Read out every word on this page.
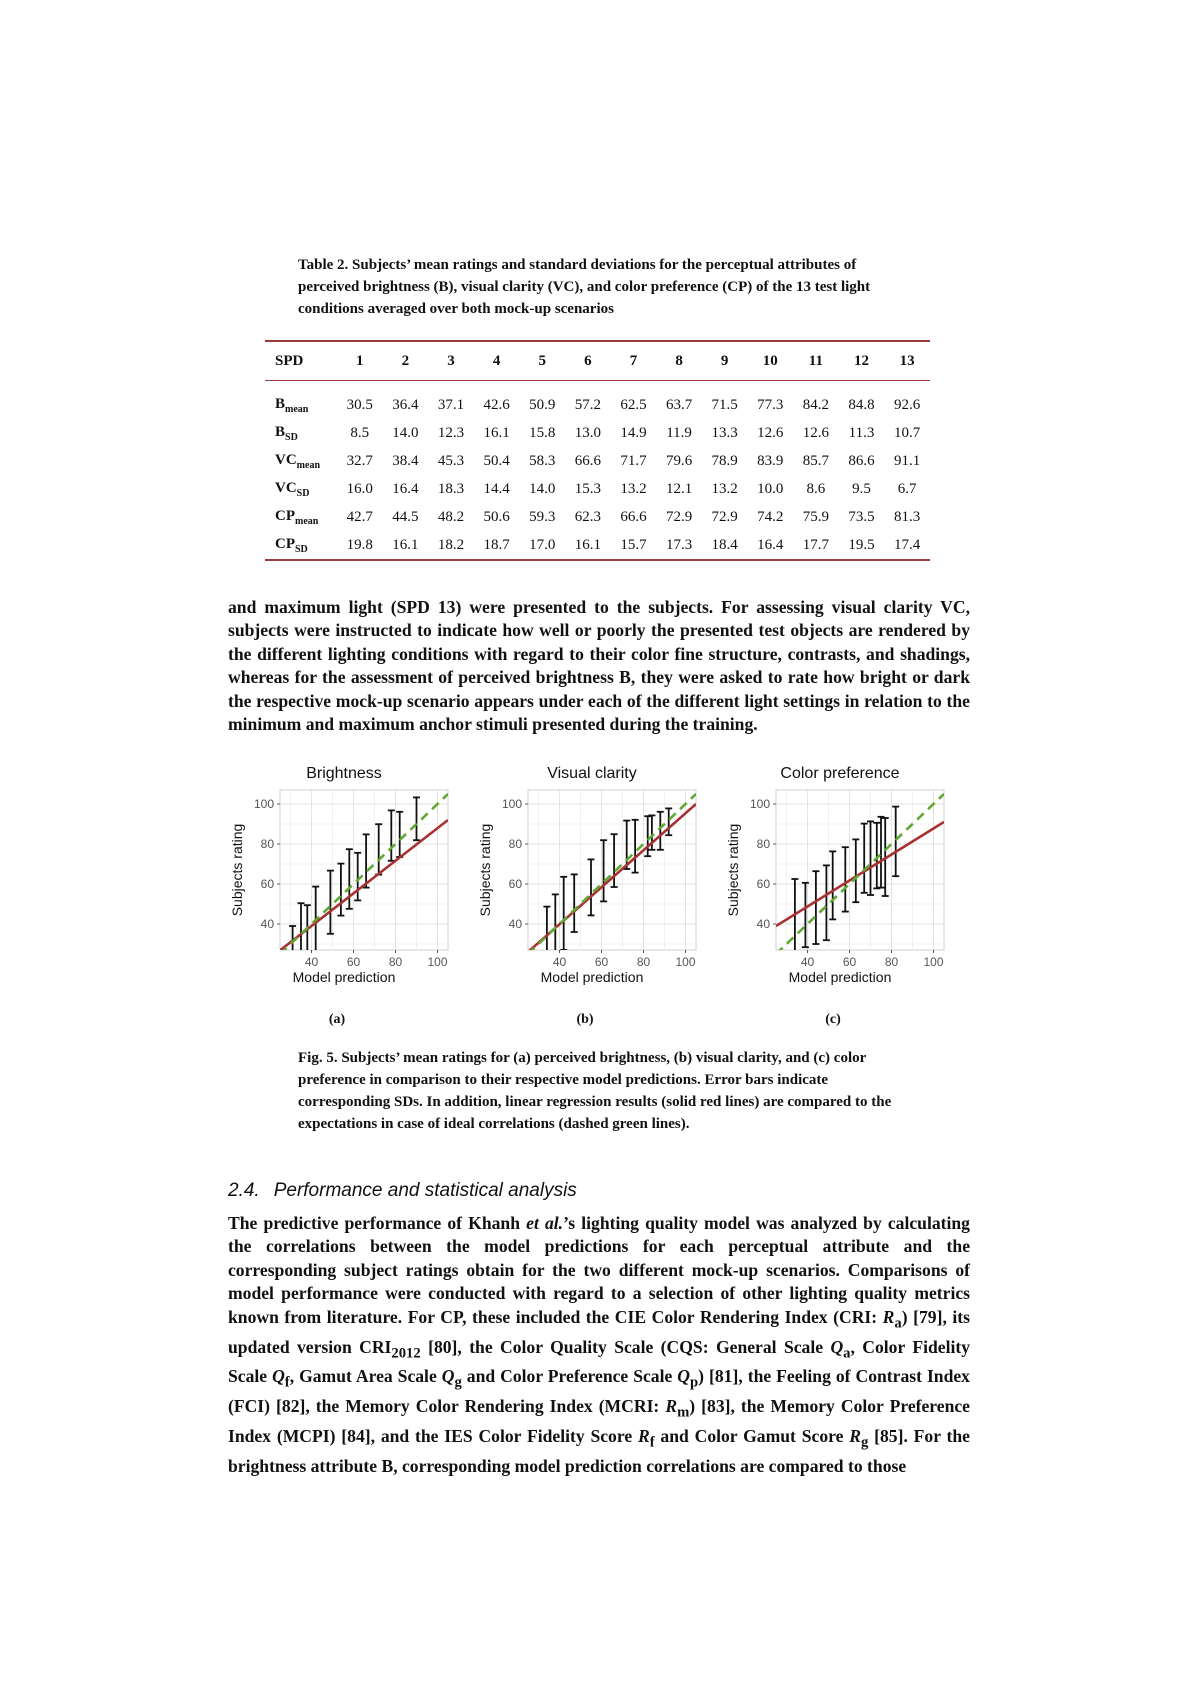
Table 2. Subjects’ mean ratings and standard deviations for the perceptual attributes of perceived brightness (B), visual clarity (VC), and color preference (CP) of the 13 test light conditions averaged over both mock-up scenarios
SPD	1	2	3	4	5	6	7	8	9	10	11	12	13
$B_{mean}$	30.5	36.4	37.1	42.6	50.9	57.2	62.5	63.7	71.5	77.3	84.2	84.8	92.6
$B_{SD}$	8.5	14.0	12.3	16.1	15.8	13.0	14.9	11.9	13.3	12.6	12.6	11.3	10.7
$VC_{mean}$	32.7	38.4	45.3	50.4	58.3	66.6	71.7	79.6	78.9	83.9	85.7	86.6	91.1
$VC_{SD}$	16.0	16.4	18.3	14.4	14.0	15.3	13.2	12.1	13.2	10.0	8.6	9.5	6.7
$CP_{mean}$	42.7	44.5	48.2	50.6	59.3	62.3	66.6	72.9	72.9	74.2	75.9	73.5	81.3
$CP_{SD}$	19.8	16.1	18.2	18.7	17.0	16.1	15.7	17.3	18.4	16.4	17.7	19.5	17.4

and maximum light (SPD 13) were presented to the subjects. For assessing visual clarity VC, subjects were instructed to indicate how well or poorly the presented test objects are rendered by the different lighting conditions with regard to their color fine structure, contrasts, and shadings, whereas for the assessment of perceived brightness B, they were asked to rate how bright or dark the respective mock-up scenario appears under each of the different light settings in relation to the minimum and maximum anchor stimuli presented during the training.

40 60 80 100
40
60
80
100
Brightness
Model prediction
Subjects rating
(a)
40 60 80 100
40
60
80
100
Visual clarity
Model prediction
Subjects rating
(b)
40 60 80 100
40
60
80
100
Color preference
Model prediction
Subjects rating
(c)
Fig. 5. Subjects’ mean ratings for (a) perceived brightness, (b) visual clarity, and (c) color preference in comparison to their respective model predictions. Error bars indicate corresponding SDs. In addition, linear regression results (solid red lines) are compared to the expectations in case of ideal correlations (dashed green lines).
2.4. Performance and statistical analysis

The predictive performance of Khanh et al.’s lighting quality model was analyzed by calculating the correlations between the model predictions for each perceptual attribute and the corresponding subject ratings obtain for the two different mock-up scenarios. Comparisons of model performance were conducted with regard to a selection of other lighting quality metrics known from literature. For CP, these included the CIE Color Rendering Index (CRI: $R_a$) [79], its updated version $CRI_{2012}$ [80], the Color Quality Scale (CQS: General Scale $Q_a$, Color Fidelity Scale $Q_f$, Gamut Area Scale $Q_g$ and Color Preference Scale $Q_p$) [81], the Feeling of Contrast Index (FCI) [82], the Memory Color Rendering Index (MCRI: $R_m$) [83], the Memory Color Preference Index (MCPI) [84], and the IES Color Fidelity Score $R_f$ and Color Gamut Score $R_g$ [85]. For the brightness attribute B, corresponding model prediction correlations are compared to those
